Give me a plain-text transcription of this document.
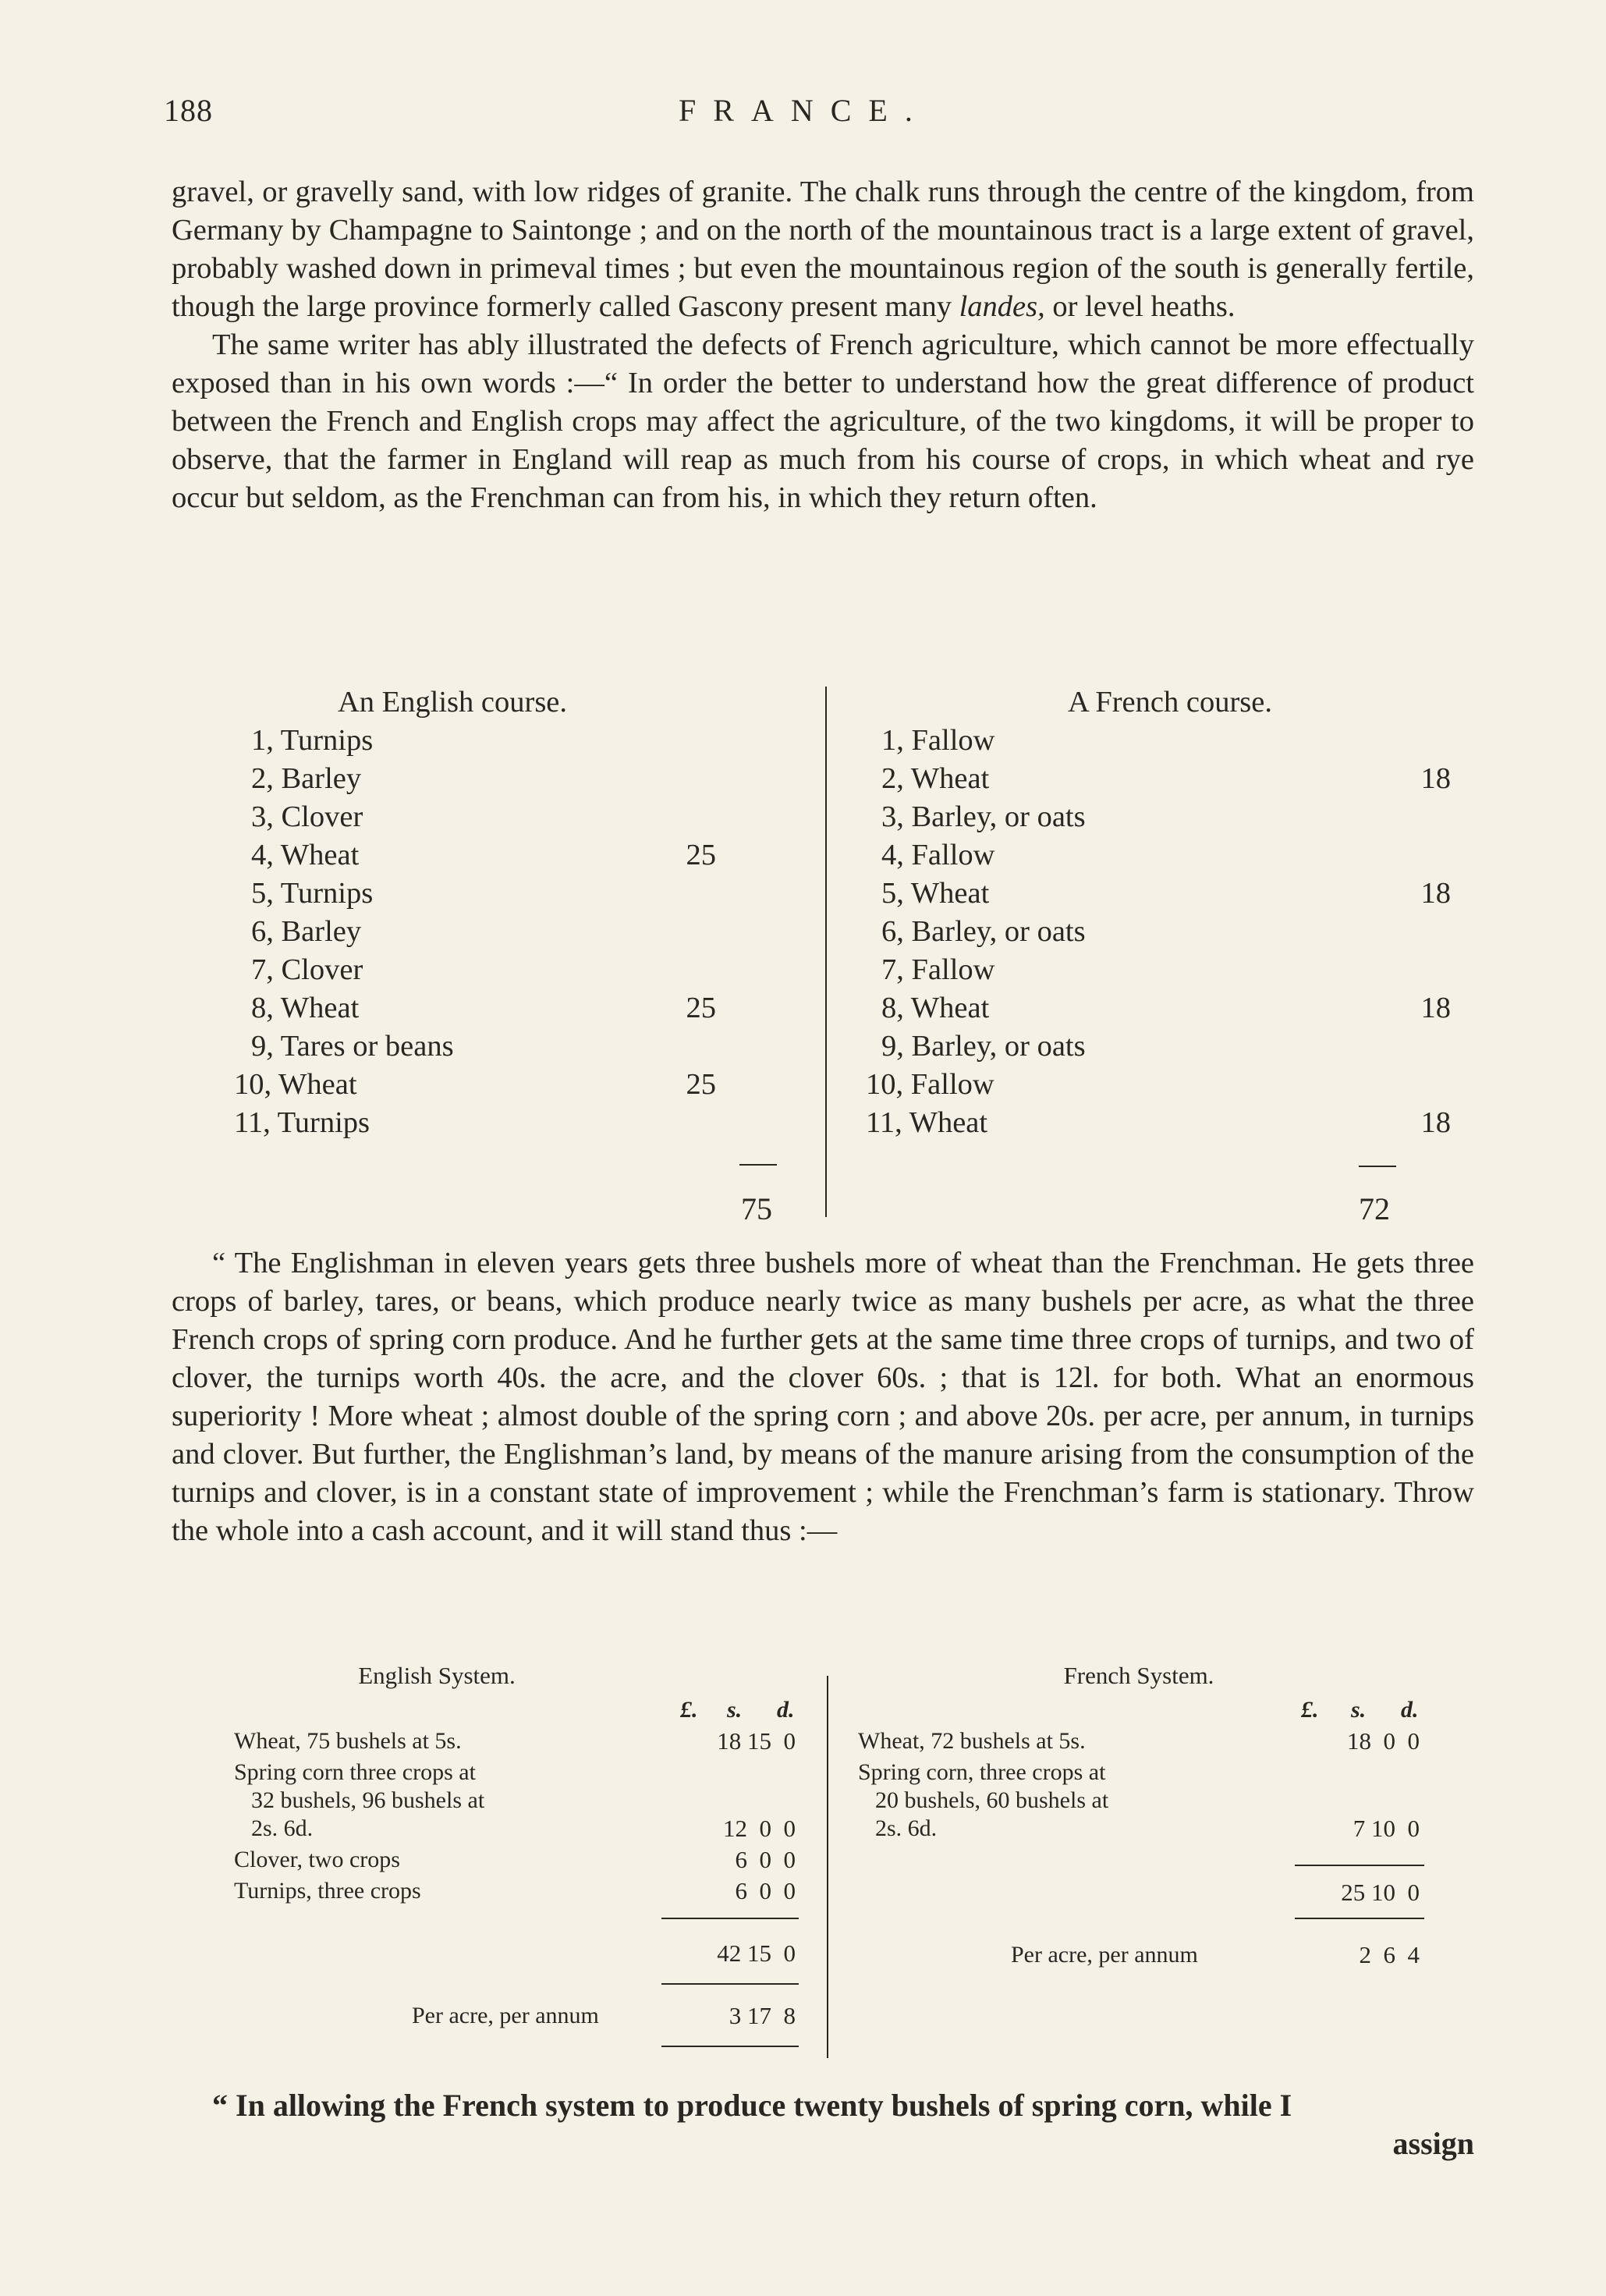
188	FRANCE.

gravel, or gravelly sand, with low ridges of granite. The chalk runs through the centre of the kingdom, from Germany by Champagne to Saintonge ; and on the north of the mountainous tract is a large extent of gravel, probably washed down in primeval times ; but even the mountainous region of the south is generally fertile, though the large province formerly called Gascony present many landes, or level heaths.

The same writer has ably illustrated the defects of French agriculture, which cannot be more effectually exposed than in his own words :—“ In order the better to understand how the great difference of product between the French and English crops may affect the agriculture, of the two kingdoms, it will be proper to observe, that the farmer in England will reap as much from his course of crops, in which wheat and rye occur but seldom, as the Frenchman can from his, in which they return often.

An English course.
1, Turnips
2, Barley
3, Clover
4, Wheat	25
5, Turnips
6, Barley
7, Clover
8, Wheat	25
9, Tares or beans
10, Wheat	25
11, Turnips
75
A French course.
1, Fallow
2, Wheat	18
3, Barley, or oats
4, Fallow
5, Wheat	18
6, Barley, or oats
7, Fallow
8, Wheat	18
9, Barley, or oats
10, Fallow
11, Wheat	18
72

“ The Englishman in eleven years gets three bushels more of wheat than the Frenchman. He gets three crops of barley, tares, or beans, which produce nearly twice as many bushels per acre, as what the three French crops of spring corn produce. And he further gets at the same time three crops of turnips, and two of clover, the turnips worth 40s. the acre, and the clover 60s. ; that is 12l. for both. What an enormous superiority ! More wheat ; almost double of the spring corn ; and above 20s. per acre, per annum, in turnips and clover. But further, the Englishman’s land, by means of the manure arising from the consumption of the turnips and clover, is in a constant state of improvement ; while the Frenchman’s farm is stationary. Throw the whole into a cash account, and it will stand thus :—

English System.
£. s. d.
Wheat, 75 bushels at 5s.	18 15  0
Spring corn three crops at
32 bushels, 96 bushels at
2s. 6d.	12  0  0
Clover, two crops	6  0  0
Turnips, three crops	6  0  0
42 15  0
Per acre, per annum	3 17  8
French System.
£. s. d.
Wheat, 72 bushels at 5s.	18  0  0
Spring corn, three crops at
20 bushels, 60 bushels at
2s. 6d.	7 10  0
25 10  0
Per acre, per annum	2  6  4

“ In allowing the French system to produce twenty bushels of spring corn, while I

assign
